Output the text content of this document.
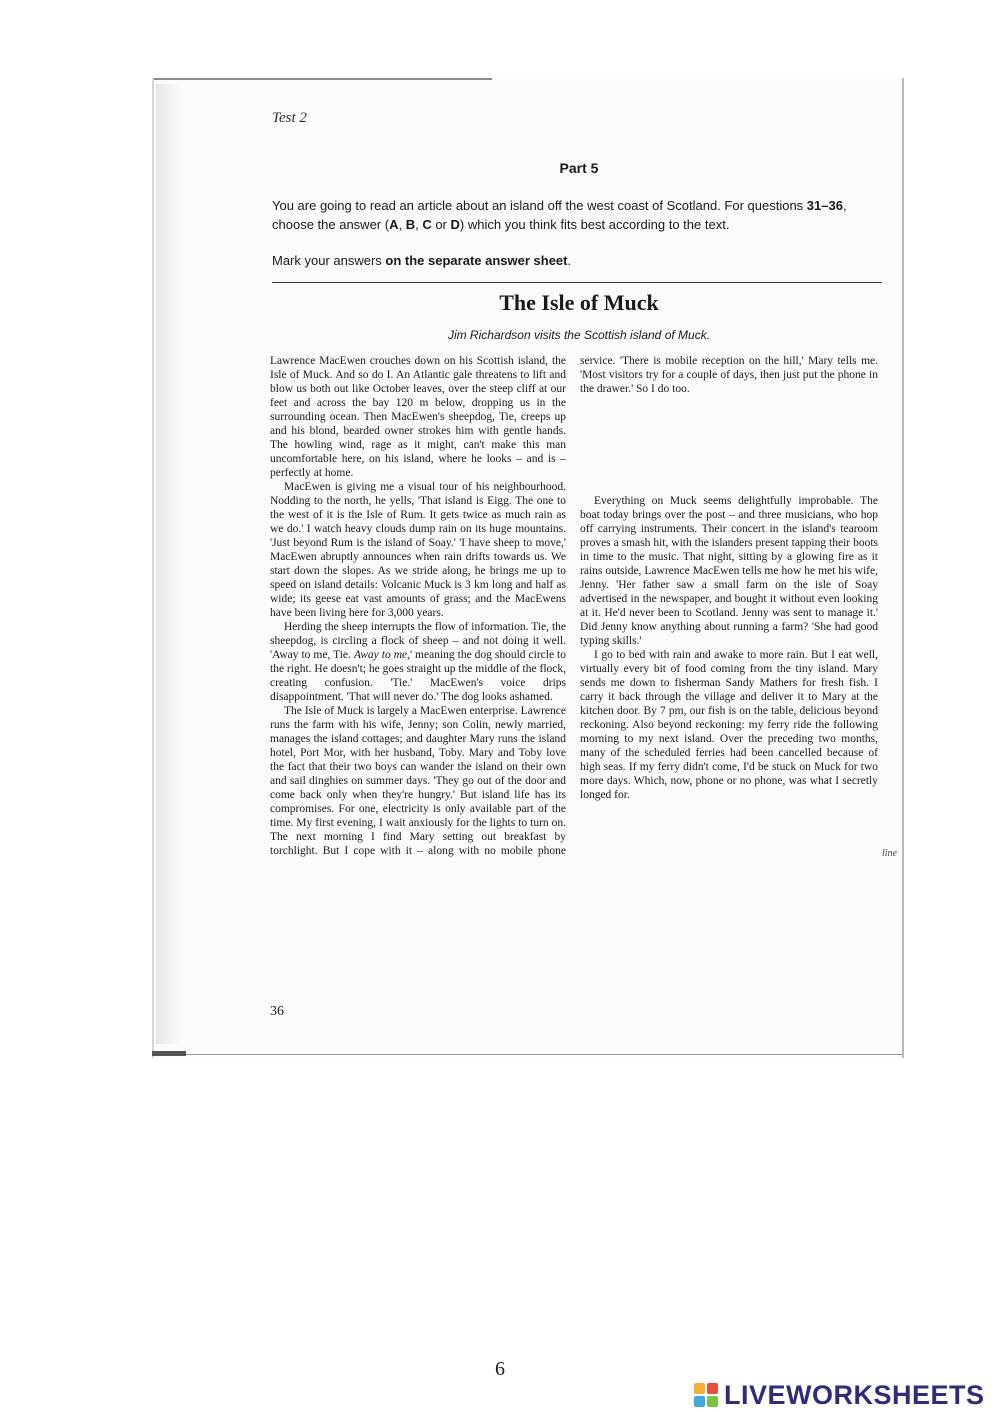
Test 2
Part 5
You are going to read an article about an island off the west coast of Scotland. For questions 31–36, choose the answer (A, B, C or D) which you think fits best according to the text.
Mark your answers on the separate answer sheet.
The Isle of Muck
Jim Richardson visits the Scottish island of Muck.

Lawrence MacEwen crouches down on his Scottish island, the Isle of Muck. And so do I. An Atlantic gale threatens to lift and blow us both out like October leaves, over the steep cliff at our feet and across the bay 120 m below, dropping us in the surrounding ocean. Then MacEwen's sheepdog, Tie, creeps up and his blond, bearded owner strokes him with gentle hands. The howling wind, rage as it might, can't make this man uncomfortable here, on his island, where he looks – and is – perfectly at home.

MacEwen is giving me a visual tour of his neighbourhood. Nodding to the north, he yells, 'That island is Eigg. The one to the west of it is the Isle of Rum. It gets twice as much rain as we do.' I watch heavy clouds dump rain on its huge mountains. 'Just beyond Rum is the island of Soay.' 'I have sheep to move,' MacEwen abruptly announces when rain drifts towards us. We start down the slopes. As we stride along, he brings me up to speed on island details: Volcanic Muck is 3 km long and half as wide; its geese eat vast amounts of grass; and the MacEwens have been living here for 3,000 years.

Herding the sheep interrupts the flow of information. Tie, the sheepdog, is circling a flock of sheep – and not doing it well. 'Away to me, Tie. Away to me,' meaning the dog should circle to the right. He doesn't; he goes straight up the middle of the flock, creating confusion. 'Tie.' MacEwen's voice drips disappointment. 'That will never do.' The dog looks ashamed.

The Isle of Muck is largely a MacEwen enterprise. Lawrence runs the farm with his wife, Jenny; son Colin, newly married, manages the island cottages; and daughter Mary runs the island hotel, Port Mor, with her husband, Toby. Mary and Toby love the fact that their two boys can wander the island on their own and sail dinghies on summer days. 'They go out of the door and come back only when they're hungry.' But island life has its compromises. For one, electricity is only available part of the time. My first evening, I wait anxiously for the lights to turn on. The next morning I find Mary setting out breakfast by torchlight. But I cope with it – along with no mobile phone

service. 'There is mobile reception on the hill,' Mary tells me. 'Most visitors try for a couple of days, then just put the phone in the drawer.' So I do too.

Everything on Muck seems delightfully improbable. The boat today brings over the post – and three musicians, who hop off carrying instruments. Their concert in the island's tearoom proves a smash hit, with the islanders present tapping their boots in time to the music. That night, sitting by a glowing fire as it rains outside, Lawrence MacEwen tells me how he met his wife, Jenny. 'Her father saw a small farm on the isle of Soay advertised in the newspaper, and bought it without even looking at it. He'd never been to Scotland. Jenny was sent to manage it.' Did Jenny know anything about running a farm? 'She had good typing skills.'

I go to bed with rain and awake to more rain. But I eat well, virtually every bit of food coming from the tiny island. Mary sends me down to fisherman Sandy Mathers for fresh fish. I carry it back through the village and deliver it to Mary at the kitchen door. By 7 pm, our fish is on the table, delicious beyond reckoning. Also beyond reckoning: my ferry ride the following morning to my next island. Over the preceding two months, many of the scheduled ferries had been cancelled because of high seas. If my ferry didn't come, I'd be stuck on Muck for two more days. Which, now, phone or no phone, was what I secretly longed for.

line
36
6
LIVEWORKSHEETS
